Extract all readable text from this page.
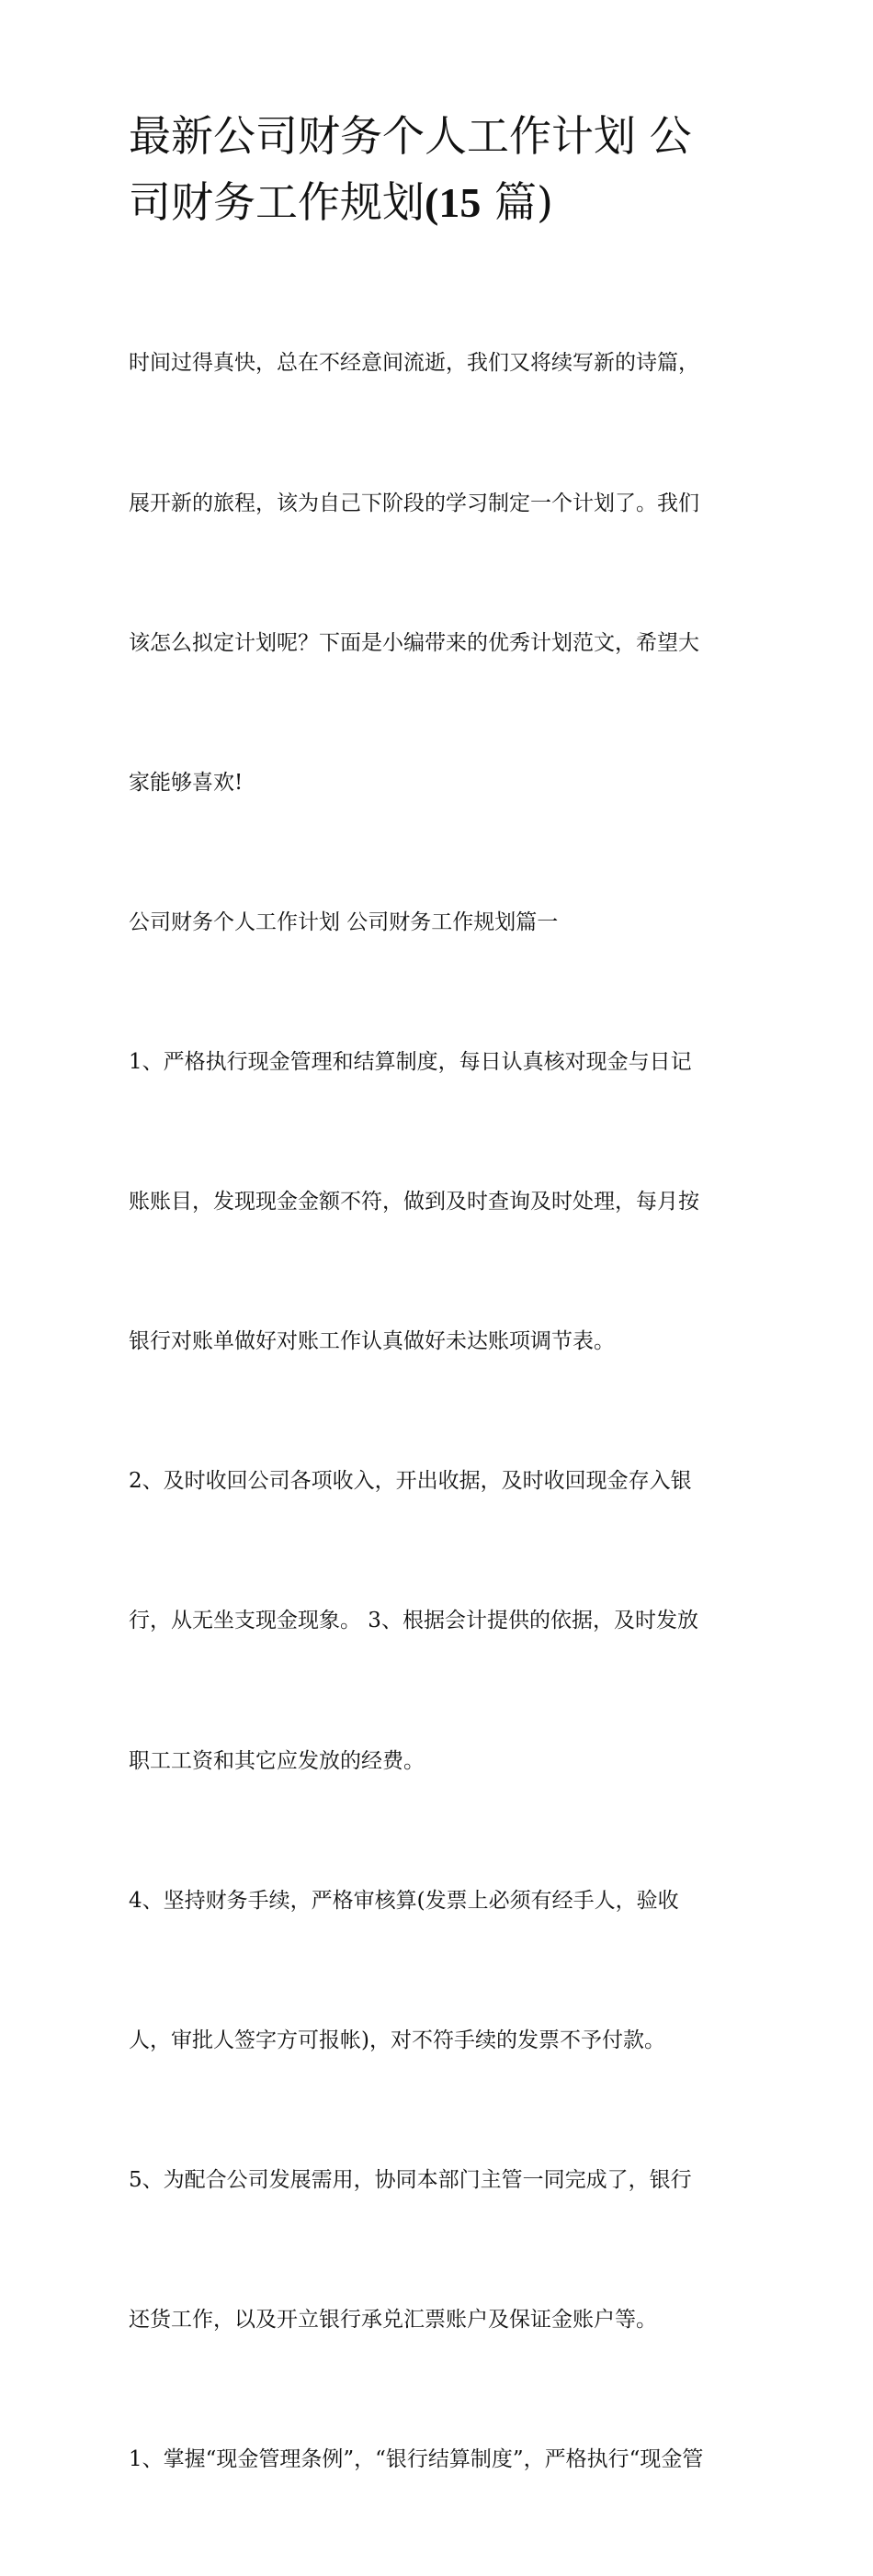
最新公司财务个人工作计划 公
司财务工作规划(15 篇)

时间过得真快，总在不经意间流逝，我们又将续写新的诗篇，

展开新的旅程，该为自己下阶段的学习制定一个计划了。我们

该怎么拟定计划呢？下面是小编带来的优秀计划范文，希望大

家能够喜欢!

公司财务个人工作计划 公司财务工作规划篇一

1、严格执行现金管理和结算制度，每日认真核对现金与日记

账账目，发现现金金额不符，做到及时查询及时处理，每月按

银行对账单做好对账工作认真做好未达账项调节表。

2、及时收回公司各项收入，开出收据，及时收回现金存入银

行，从无坐支现金现象。 3、根据会计提供的依据，及时发放

职工工资和其它应发放的经费。

4、坚持财务手续，严格审核算(发票上必须有经手人，验收

人，审批人签字方可报帐)，对不符手续的发票不予付款。

5、为配合公司发展需用，协同本部门主管一同完成了，银行

还货工作，以及开立银行承兑汇票账户及保证金账户等。

1、掌握“现金管理条例”，“银行结算制度”，严格执行“现金管
